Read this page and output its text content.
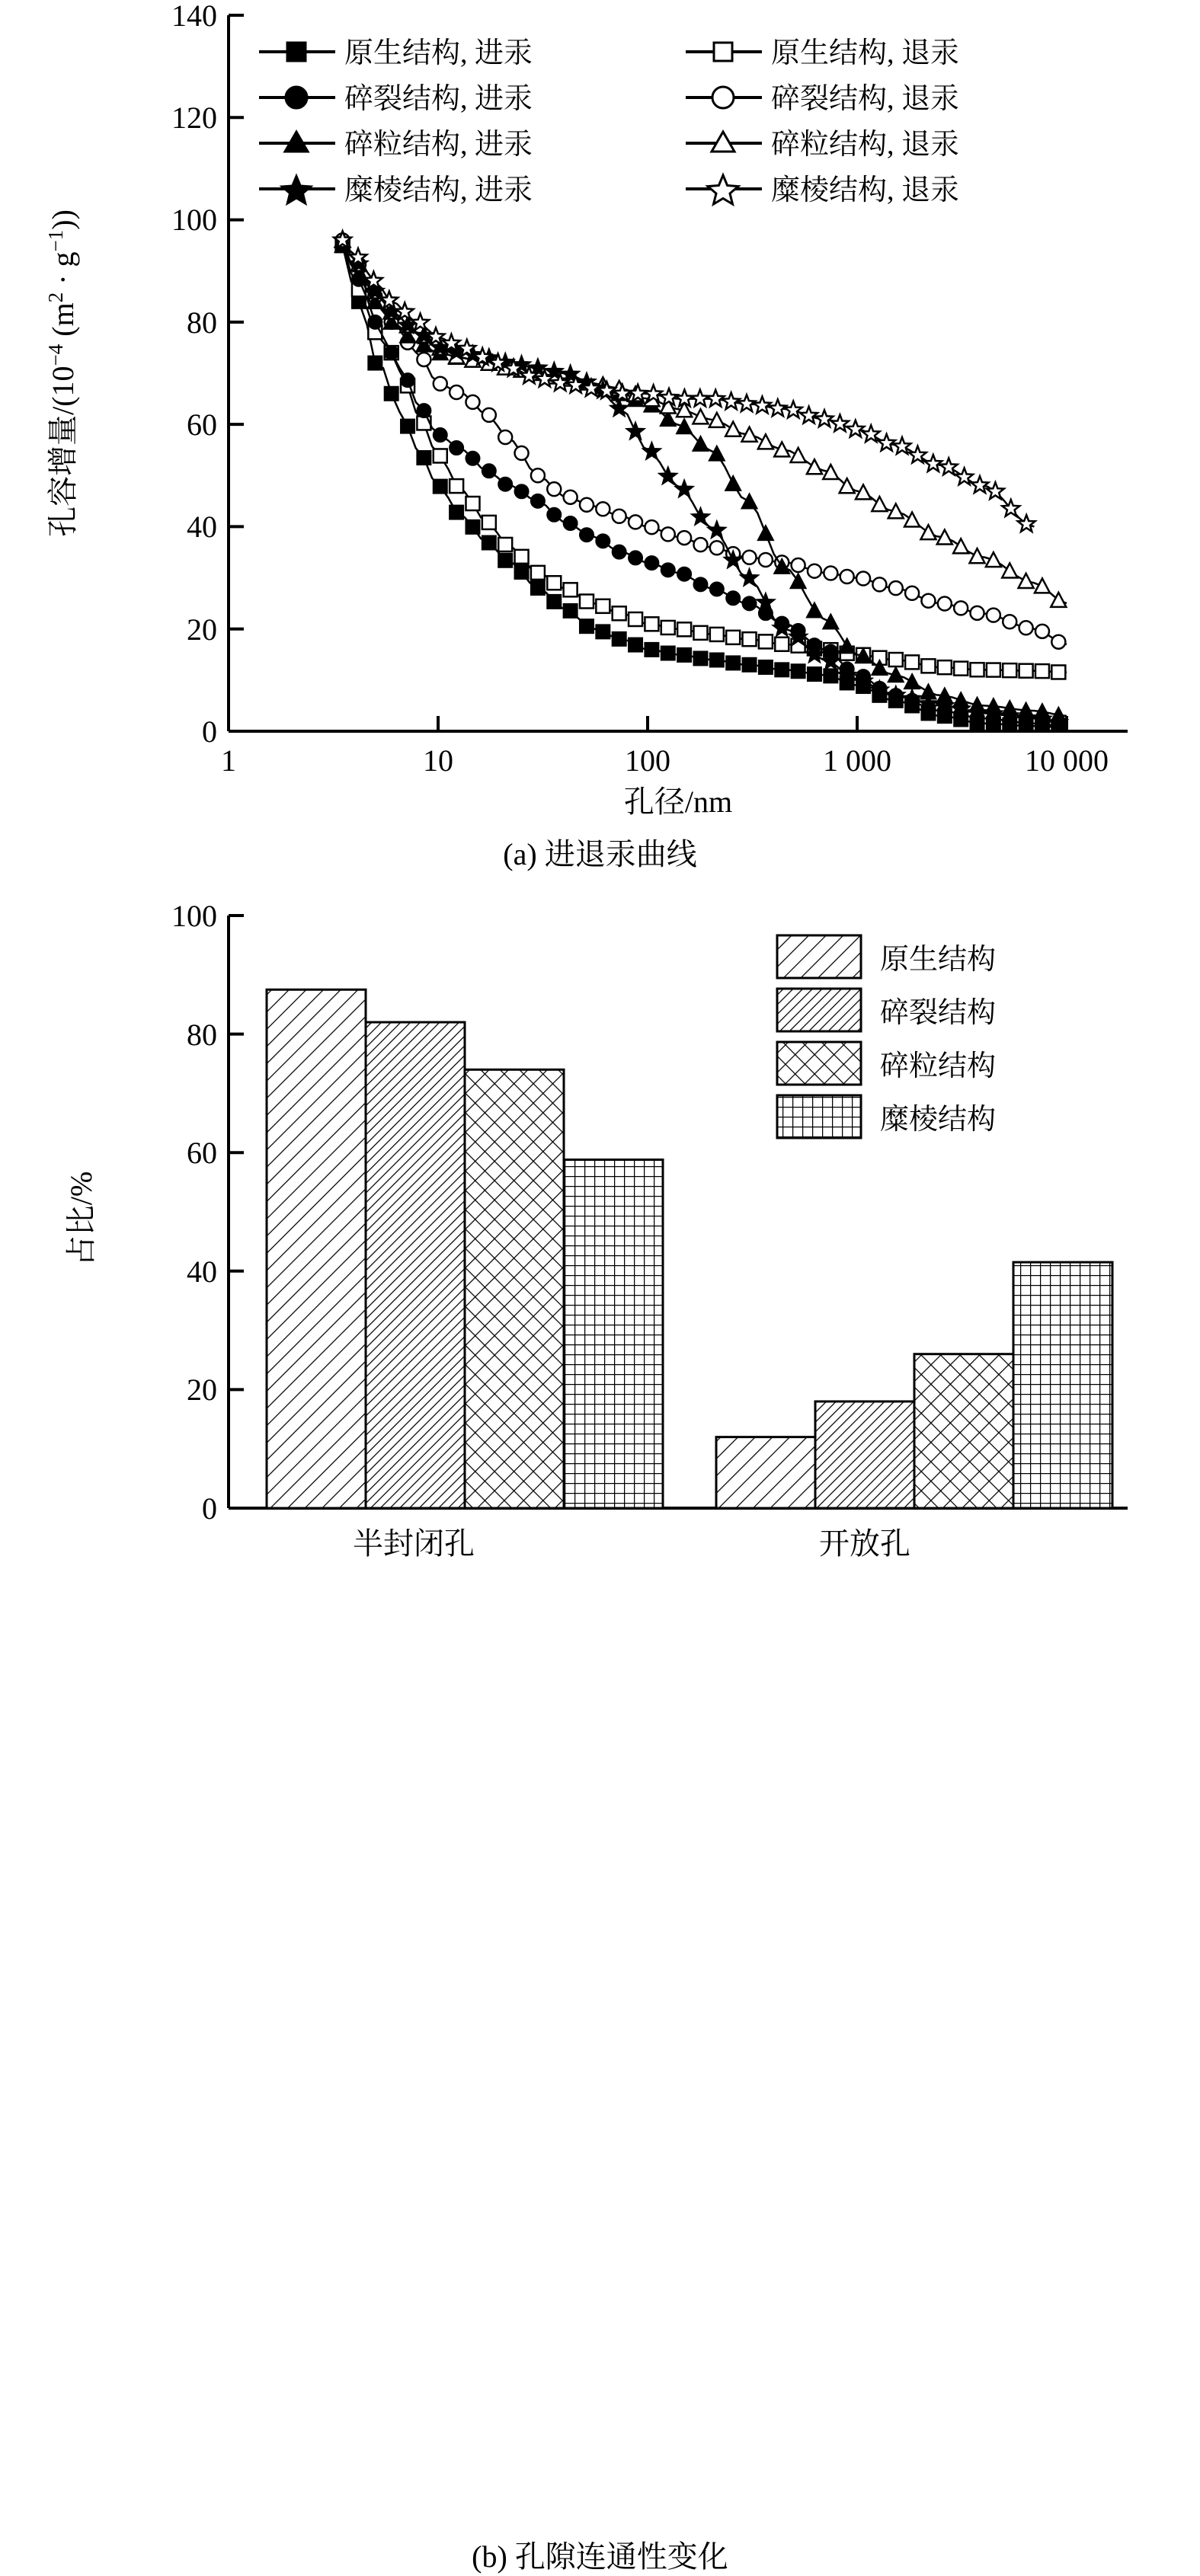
0
20
40
60
80
100
120
140
1	10	100	1 000	10 000
孔径/nm
孔容增量$/(10^{-4}$ $(m^2 \cdot g^{-1})$)
原生结构, 进汞	原生结构, 退汞
碎裂结构, 进汞	碎裂结构, 退汞
碎粒结构, 进汞	碎粒结构, 退汞
糜棱结构, 进汞	糜棱结构, 退汞
(a) 进退汞曲线
0
20
40
60
80
100
占比/%
半封闭孔	开放孔
原生结构
碎裂结构
碎粒结构
糜棱结构
(b) 孔隙连通性变化
